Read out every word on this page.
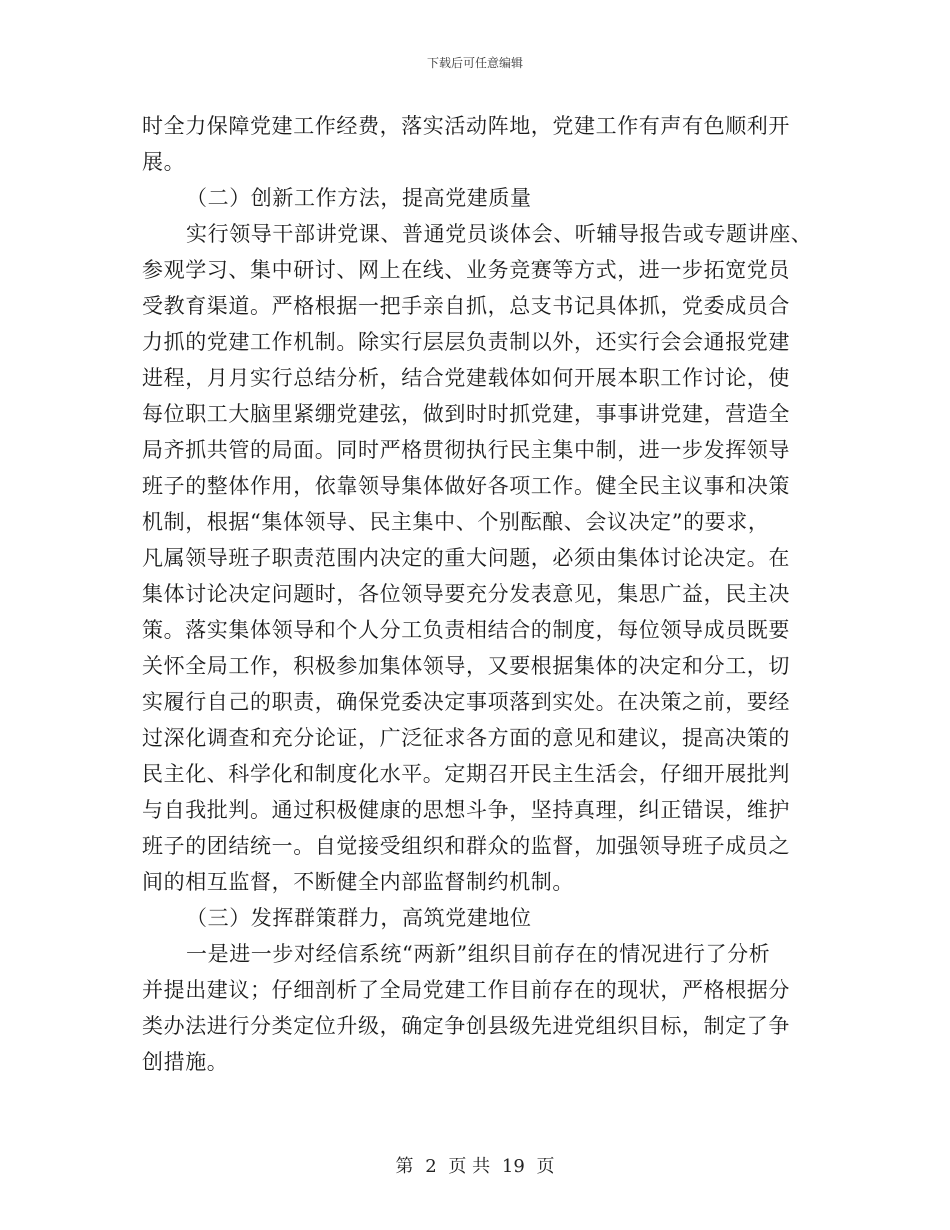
下载后可任意编辑
时全力保障党建工作经费，落实活动阵地，党建工作有声有色顺利开
展。
（二）创新工作方法，提高党建质量
实行领导干部讲党课、普通党员谈体会、听辅导报告或专题讲座、
参观学习、集中研讨、网上在线、业务竞赛等方式，进一步拓宽党员
受教育渠道。严格根据一把手亲自抓，总支书记具体抓，党委成员合
力抓的党建工作机制。除实行层层负责制以外，还实行会会通报党建
进程，月月实行总结分析，结合党建载体如何开展本职工作讨论，使
每位职工大脑里紧绷党建弦，做到时时抓党建，事事讲党建，营造全
局齐抓共管的局面。同时严格贯彻执行民主集中制，进一步发挥领导
班子的整体作用，依靠领导集体做好各项工作。健全民主议事和决策
机制，根据“集体领导、民主集中、个别酝酿、会议决定”的要求，
凡属领导班子职责范围内决定的重大问题，必须由集体讨论决定。在
集体讨论决定问题时，各位领导要充分发表意见，集思广益，民主决
策。落实集体领导和个人分工负责相结合的制度，每位领导成员既要
关怀全局工作，积极参加集体领导，又要根据集体的决定和分工，切
实履行自己的职责，确保党委决定事项落到实处。在决策之前，要经
过深化调查和充分论证，广泛征求各方面的意见和建议，提高决策的
民主化、科学化和制度化水平。定期召开民主生活会，仔细开展批判
与自我批判。通过积极健康的思想斗争，坚持真理，纠正错误，维护
班子的团结统一。自觉接受组织和群众的监督，加强领导班子成员之
间的相互监督，不断健全内部监督制约机制。
（三）发挥群策群力，高筑党建地位
一是进一步对经信系统“两新”组织目前存在的情况进行了分析
并提出建议；仔细剖析了全局党建工作目前存在的现状，严格根据分
类办法进行分类定位升级，确定争创县级先进党组织目标，制定了争
创措施。
第 2 页 共 19 页
